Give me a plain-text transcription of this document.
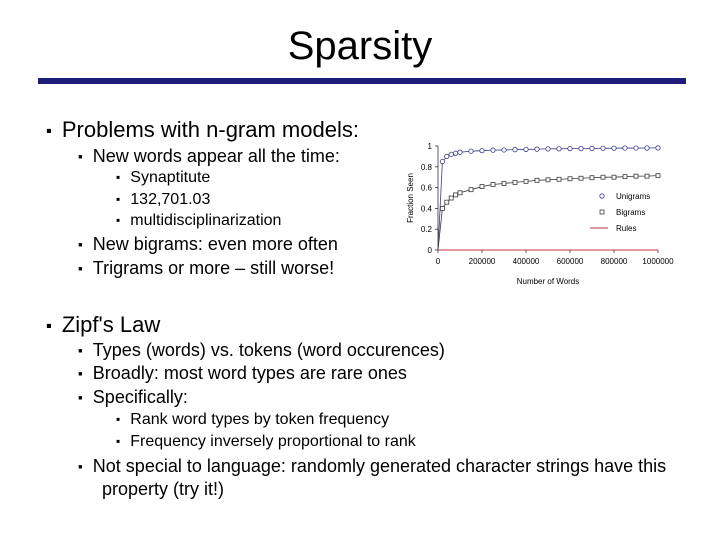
Sparsity
▪ Problems with n-gram models:
▪ New words appear all the time:
▪ Synaptitute
▪ 132,701.03
▪ multidisciplinarization
▪ New bigrams: even more often
▪ Trigrams or more – still worse!
Fraction Seen
Number of Words
0
0.2
0.4
0.6
0.8
1
0	200000 400000 600000 800000 1000000
Unigrams
Bigrams
Rules
▪ Zipf's Law
▪ Types (words) vs. tokens (word occurences)
▪ Broadly: most word types are rare ones
▪ Specifically:
▪ Rank word types by token frequency
▪ Frequency inversely proportional to rank
▪ Not special to language: randomly generated character strings have this property (try it!)
